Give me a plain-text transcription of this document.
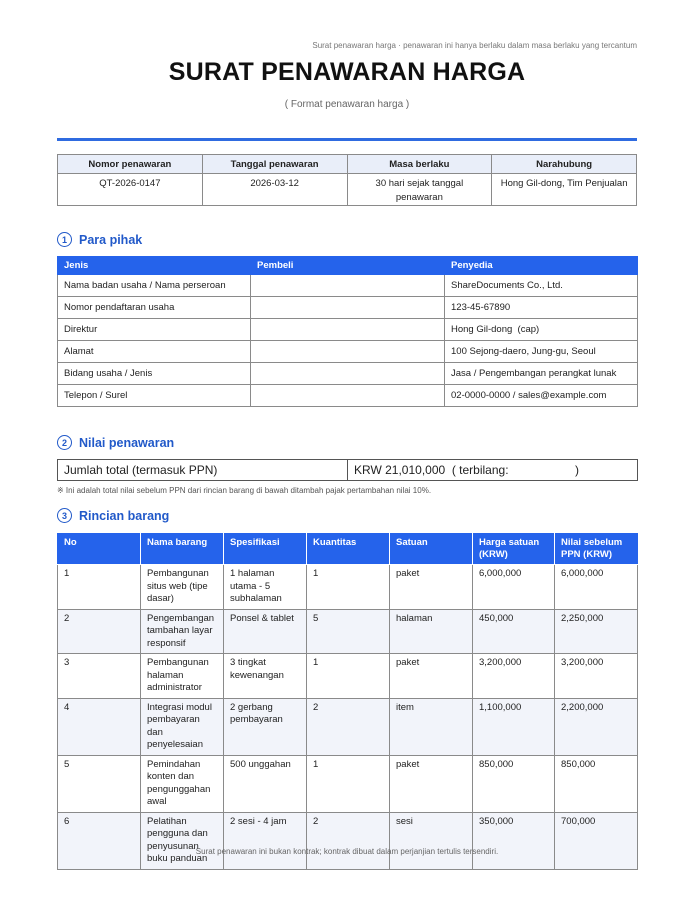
Surat penawaran harga · penawaran ini hanya berlaku dalam masa berlaku yang tercantum
SURAT PENAWARAN HARGA
( Format penawaran harga )
Nomor penawaran	Tanggal penawaran	Masa berlaku	Narahubung
QT-2026-0147	2026-03-12	30 hari sejak tanggal penawaran	Hong Gil-dong, Tim Penjualan
1 Para pihak
Jenis	Pembeli	Penyedia
Nama badan usaha / Nama perseroan		ShareDocuments Co., Ltd.
Nomor pendaftaran usaha		123-45-67890
Direktur		Hong Gil-dong  (cap)
Alamat		100 Sejong-daero, Jung-gu, Seoul
Bidang usaha / Jenis		Jasa / Pengembangan perangkat lunak
Telepon / Surel		02-0000-0000 / sales@example.com
2 Nilai penawaran
Jumlah total (termasuk PPN)	KRW 21,010,000  ( terbilang:	)
※ Ini adalah total nilai sebelum PPN dari rincian barang di bawah ditambah pajak pertambahan nilai 10%.
3 Rincian barang
No	Nama barang	Spesifikasi	Kuantitas	Satuan	Harga satuan (KRW)	Nilai sebelum PPN (KRW)
1	Pembangunan situs web (tipe dasar)	1 halaman utama - 5 subhalaman	1	paket	6,000,000	6,000,000
2	Pengembangan tambahan layar responsif	Ponsel & tablet	5	halaman	450,000	2,250,000
3	Pembangunan halaman administrator	3 tingkat kewenangan	1	paket	3,200,000	3,200,000
4	Integrasi modul pembayaran dan penyelesaian	2 gerbang pembayaran	2	item	1,100,000	2,200,000
5	Pemindahan konten dan pengunggahan awal	500 unggahan	1	paket	850,000	850,000
6	Pelatihan pengguna dan penyusunan buku panduan	2 sesi - 4 jam	2	sesi	350,000	700,000
Surat penawaran ini bukan kontrak; kontrak dibuat dalam perjanjian tertulis tersendiri.
